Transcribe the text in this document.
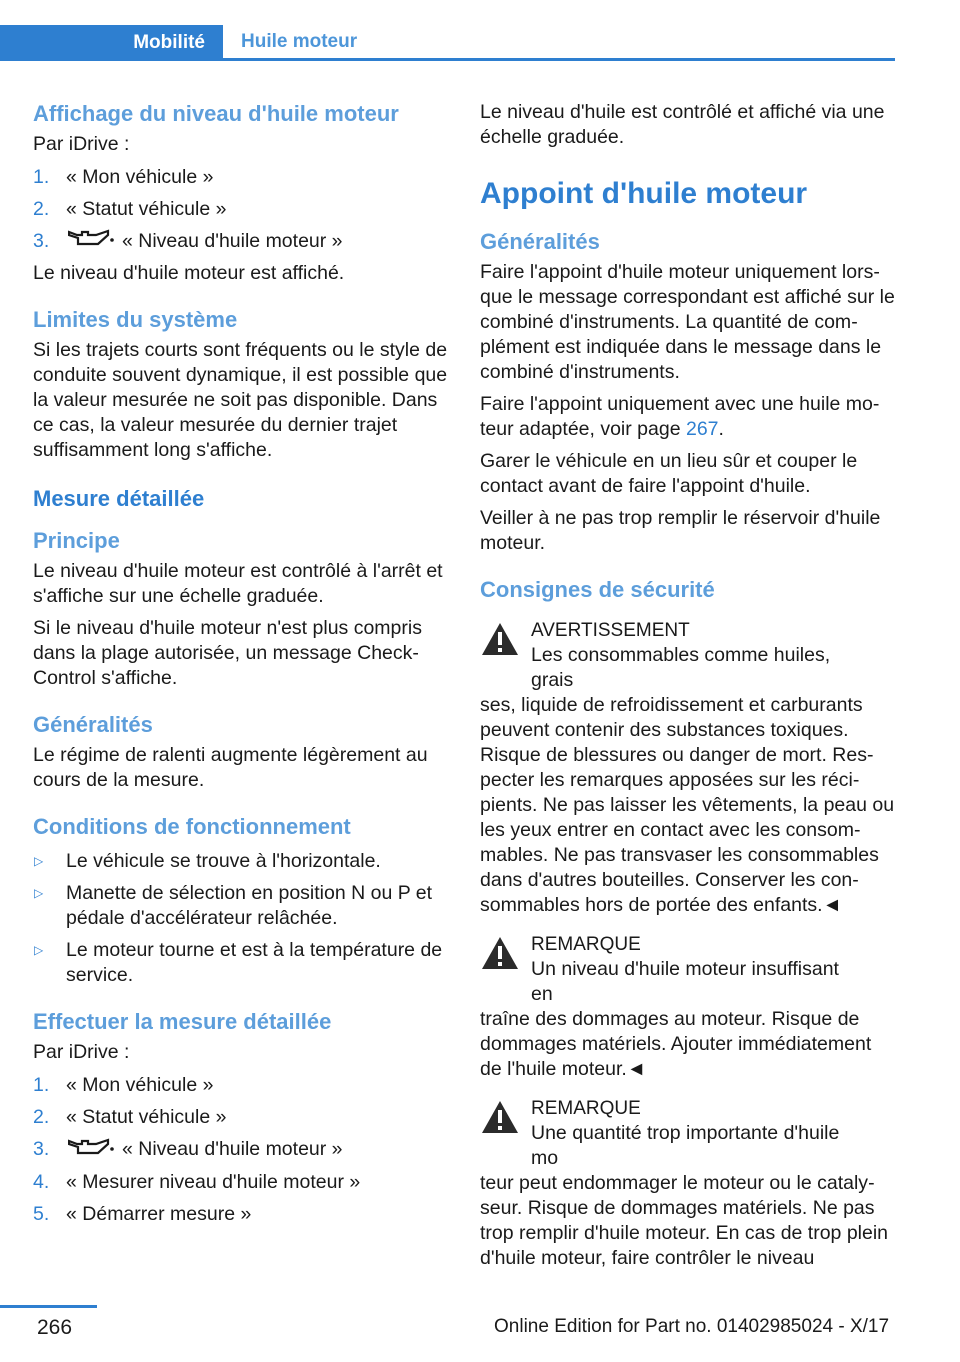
Mobilité	Huile moteur
Affichage du niveau d'huile moteur
Par iDrive :
1. « Mon véhicule »
2. « Statut véhicule »
3.	« Niveau d'huile moteur »
Le niveau d'huile moteur est affiché.
Limites du système
Si les trajets courts sont fréquents ou le style de conduite souvent dynamique, il est possible que la valeur mesurée ne soit pas disponible. Dans ce cas, la valeur mesurée du dernier trajet suffisamment long s'affiche.
Mesure détaillée
Principe
Le niveau d'huile moteur est contrôlé à l'arrêt et s'affiche sur une échelle graduée.
Si le niveau d'huile moteur n'est plus compris dans la plage autorisée, un message Check-Control s'affiche.
Généralités
Le régime de ralenti augmente légèrement au cours de la mesure.
Conditions de fonctionnement
▷ Le véhicule se trouve à l'horizontale.
▷ Manette de sélection en position N ou P et pédale d'accélérateur relâchée.
▷ Le moteur tourne et est à la température de service.
Effectuer la mesure détaillée
Par iDrive :
1. « Mon véhicule »
2. « Statut véhicule »
3.	« Niveau d'huile moteur »
4. « Mesurer niveau d'huile moteur »
5. « Démarrer mesure »
Le niveau d'huile est contrôlé et affiché via une échelle graduée.
Appoint d'huile moteur
Généralités
Faire l'appoint d'huile moteur uniquement lorsque le message correspondant est affiché sur le combiné d'instruments. La quantité de complément est indiquée dans le message dans le combiné d'instruments.
Faire l'appoint uniquement avec une huile moteur adaptée, voir page 267.
Garer le véhicule en un lieu sûr et couper le contact avant de faire l'appoint d'huile.
Veiller à ne pas trop remplir le réservoir d'huile moteur.
Consignes de sécurité
AVERTISSEMENT
Les consommables comme huiles, grais
ses, liquide de refroidissement et carburants peuvent contenir des substances toxiques. Risque de blessures ou danger de mort. Respecter les remarques apposées sur les récipients. Ne pas laisser les vêtements, la peau ou les yeux entrer en contact avec les consommables. Ne pas transvaser les consommables dans d'autres bouteilles. Conserver les consommables hors de portée des enfants.◄
REMARQUE
Un niveau d'huile moteur insuffisant en
traîne des dommages au moteur. Risque de dommages matériels. Ajouter immédiatement de l'huile moteur.◄
REMARQUE
Une quantité trop importante d'huile mo
teur peut endommager le moteur ou le catalyseur. Risque de dommages matériels. Ne pas trop remplir d'huile moteur. En cas de trop plein d'huile moteur, faire contrôler le niveau
266	Online Edition for Part no. 01402985024 - X/17
